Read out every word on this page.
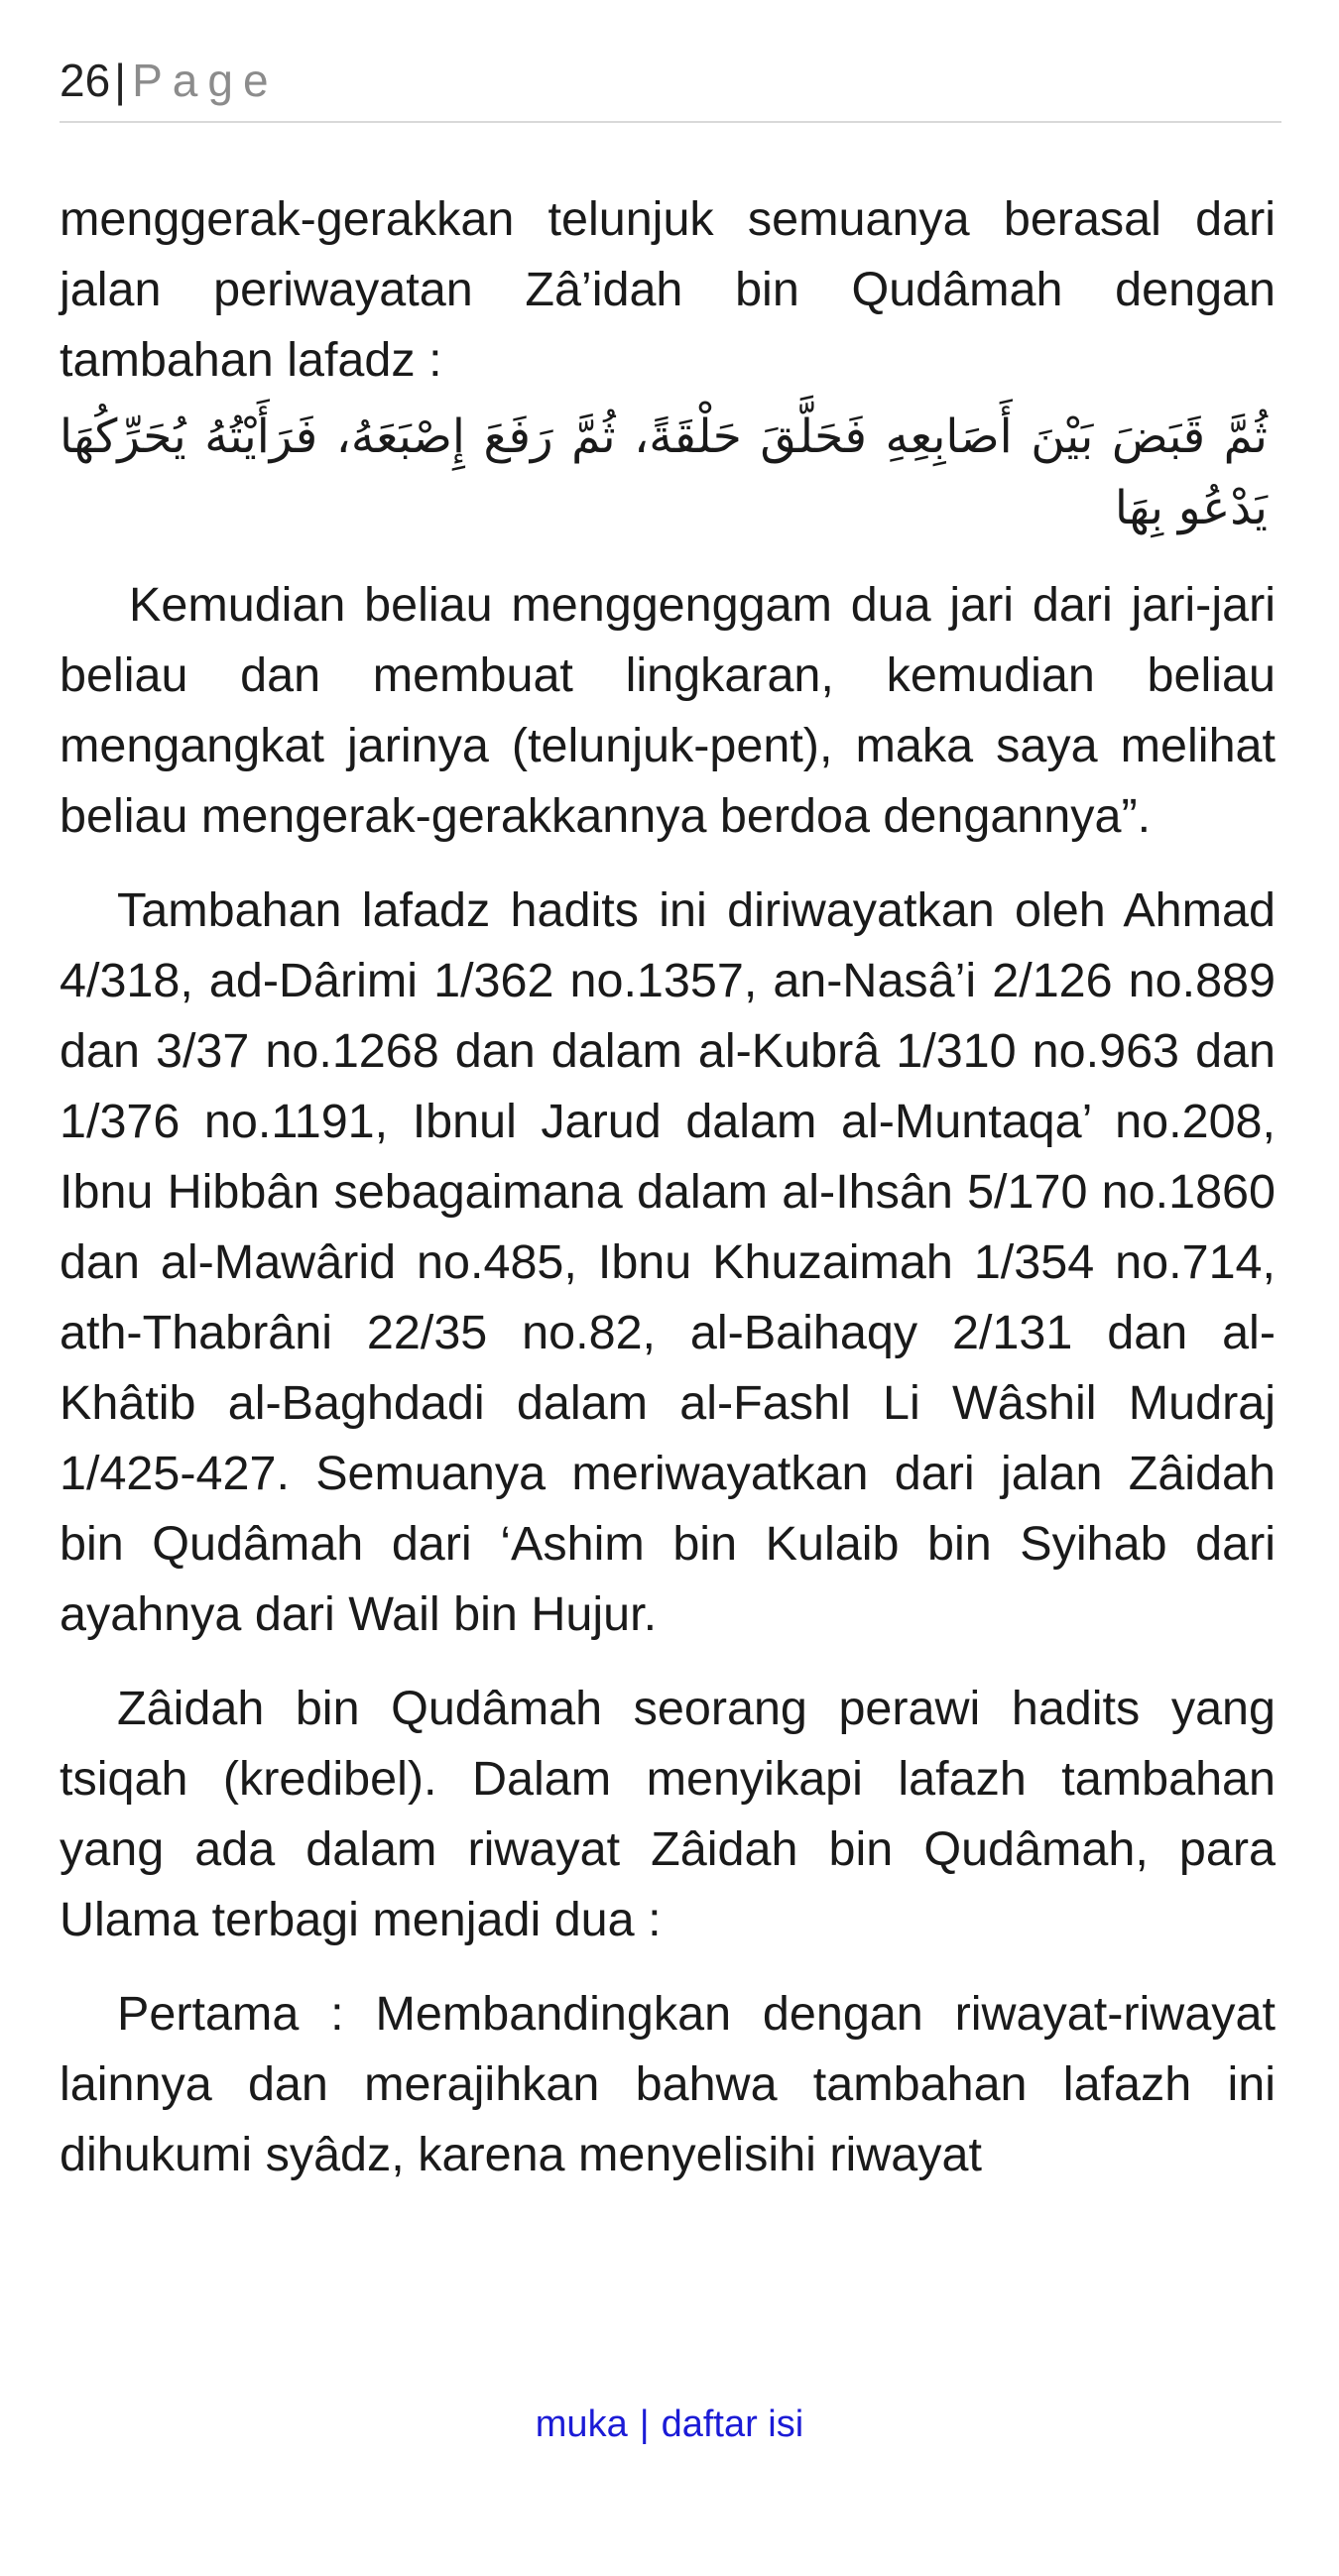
26| Page

menggerak-gerakkan telunjuk semuanya berasal dari jalan periwayatan Zâ’idah bin Qudâmah dengan tambahan lafadz :

ثُمَّ قَبَضَ بَيْنَ أَصَابِعِهِ فَحَلَّقَ حَلْقَةً، ثُمَّ رَفَعَ إِصْبَعَهُ، فَرَأَيْتُهُ يُحَرِّكُهَا يَدْعُو بِهَا

Kemudian beliau menggenggam dua jari dari jari-jari beliau dan membuat lingkaran, kemudian beliau mengangkat jarinya (telunjuk-pent), maka saya melihat beliau mengerak-gerakkannya berdoa dengannya”.

Tambahan lafadz hadits ini diriwayatkan oleh Ahmad 4/318, ad-Dârimi 1/362 no.1357, an-Nasâ’i 2/126 no.889 dan 3/37 no.1268 dan dalam al-Kubrâ 1/310 no.963 dan 1/376 no.1191, Ibnul Jarud dalam al-Muntaqa’ no.208, Ibnu Hibbân sebagaimana dalam al-Ihsân 5/170 no.1860 dan al-Mawârid no.485, Ibnu Khuzaimah 1/354 no.714, ath-Thabrâni 22/35 no.82, al-Baihaqy 2/131 dan al-Khâtib al-Baghdadi dalam al-Fashl Li Wâshil Mudraj 1/425-427. Semuanya meriwayatkan dari jalan Zâidah bin Qudâmah dari ‘Ashim bin Kulaib bin Syihab dari ayahnya dari Wail bin Hujur.

Zâidah bin Qudâmah seorang perawi hadits yang tsiqah (kredibel). Dalam menyikapi lafazh tambahan yang ada dalam riwayat Zâidah bin Qudâmah, para Ulama terbagi menjadi dua :

Pertama : Membandingkan dengan riwayat-riwayat lainnya dan merajihkan bahwa tambahan lafazh ini dihukumi syâdz, karena menyelisihi riwayat

muka | daftar isi
